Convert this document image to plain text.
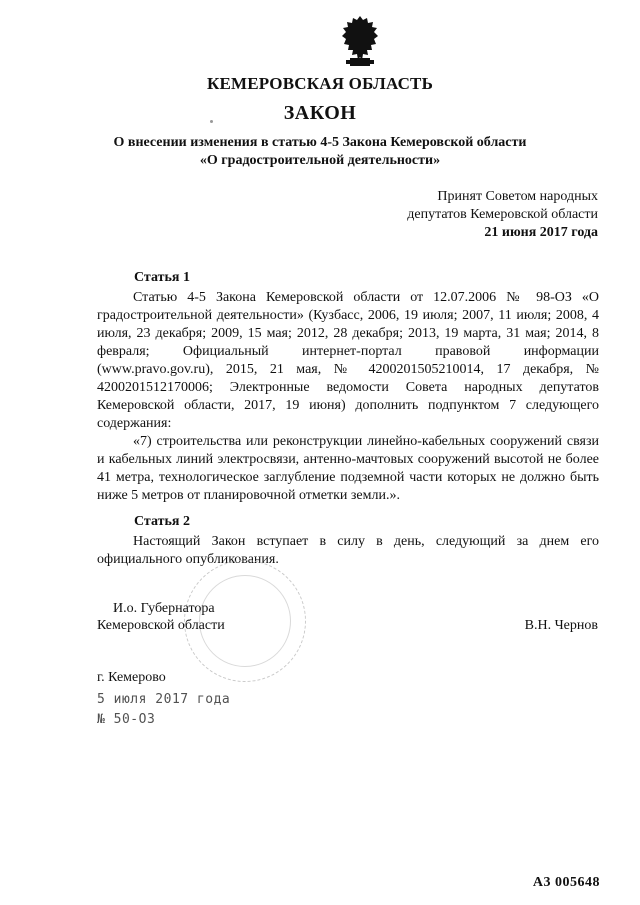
КЕМЕРОВСКАЯ ОБЛАСТЬ
ЗАКОН
О внесении изменения в статью 4-5 Закона Кемеровской области
«О градостроительной деятельности»
Принят Советом народных
депутатов Кемеровской области
21 июня 2017 года
Статья 1
Статью 4-5 Закона Кемеровской области от 12.07.2006 № 98-ОЗ «О градостроительной деятельности» (Кузбасс, 2006, 19 июля; 2007, 11 июля; 2008, 4 июля, 23 декабря; 2009, 15 мая; 2012, 28 декабря; 2013, 19 марта, 31 мая; 2014, 8 февраля; Официальный интернет-портал правовой информации (www.pravo.gov.ru), 2015, 21 мая, № 4200201505210014, 17 декабря, № 4200201512170006; Электронные ведомости Совета народных депутатов Кемеровской области, 2017, 19 июня) дополнить подпунктом 7 следующего содержания:
«7) строительства или реконструкции линейно-кабельных сооружений связи и кабельных линий электросвязи, антенно-мачтовых сооружений высотой не более 41 метра, технологическое заглубление подземной части которых не должно быть ниже 5 метров от планировочной отметки земли.».
Статья 2
Настоящий Закон вступает в силу в день, следующий за днем его официального опубликования.
И.о. Губернатора
Кемеровской области	В.Н. Чернов
г. Кемерово
5 июля 2017 года
№ 50-ОЗ
А3 005648
